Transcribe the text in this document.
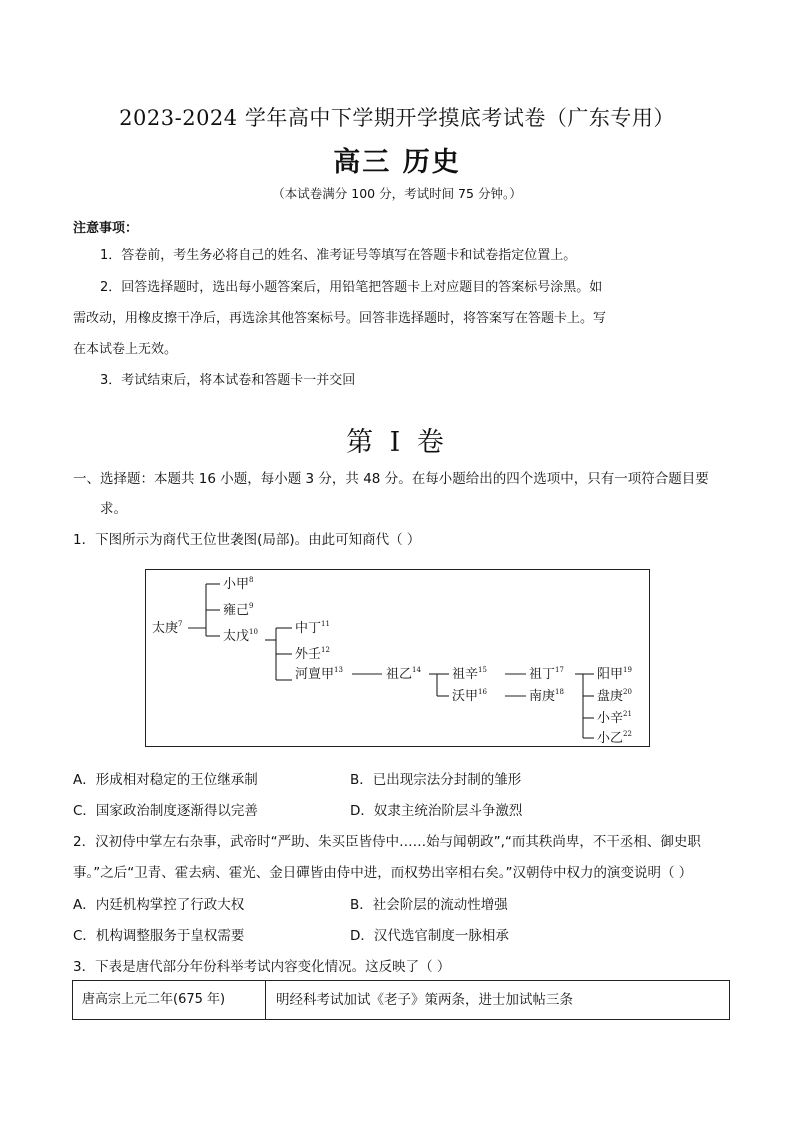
2023-2024 学年高中下学期开学摸底考试卷（广东专用）
高三 历史
（本试卷满分 100 分，考试时间 75 分钟。）
注意事项：
1．答卷前，考生务必将自己的姓名、准考证号等填写在答题卡和试卷指定位置上。
2．回答选择题时，选出每小题答案后，用铅笔把答题卡上对应题目的答案标号涂黑。如
需改动，用橡皮擦干净后，再选涂其他答案标号。回答非选择题时，将答案写在答题卡上。写
在本试卷上无效。
3．考试结束后，将本试卷和答题卡一并交回
第 I 卷
一、选择题：本题共 16 小题，每小题 3 分，共 48 分。在每小题给出的四个选项中，只有一项符合题目要
求。
1．下图所示为商代王位世袭图(局部)。由此可知商代（ ）
太庚$^7$
小甲$^8$
雍己$^9$
太戊$^{10}$	中丁$^{11}$
外壬$^{12}$
河亶甲$^{13}$	祖乙$^{14}$ 祖辛$^{15}$
沃甲$^{16}$
祖丁$^{17}$
南庚$^{18}$
阳甲$^{19}$
盘庚$^{20}$
小辛$^{21}$
小乙$^{22}$
A．形成相对稳定的王位继承制	B．已出现宗法分封制的雏形
C．国家政治制度逐渐得以完善	D．奴隶主统治阶层斗争激烈
2．汉初侍中掌左右杂事，武帝时“严助、朱买臣皆侍中……始与闻朝政”,“而其秩尚卑，不干丞相、御史职
事。”之后“卫青、霍去病、霍光、金日磾皆由侍中进，而权势出宰相右矣。”汉朝侍中权力的演变说明（ ）
A．内廷机构掌控了行政大权	B．社会阶层的流动性增强
C．机构调整服务于皇权需要	D．汉代选官制度一脉相承
3．下表是唐代部分年份科举考试内容变化情况。这反映了（ ）
唐高宗上元二年(675 年)	明经科考试加试《老子》策两条，进士加试帖三条
